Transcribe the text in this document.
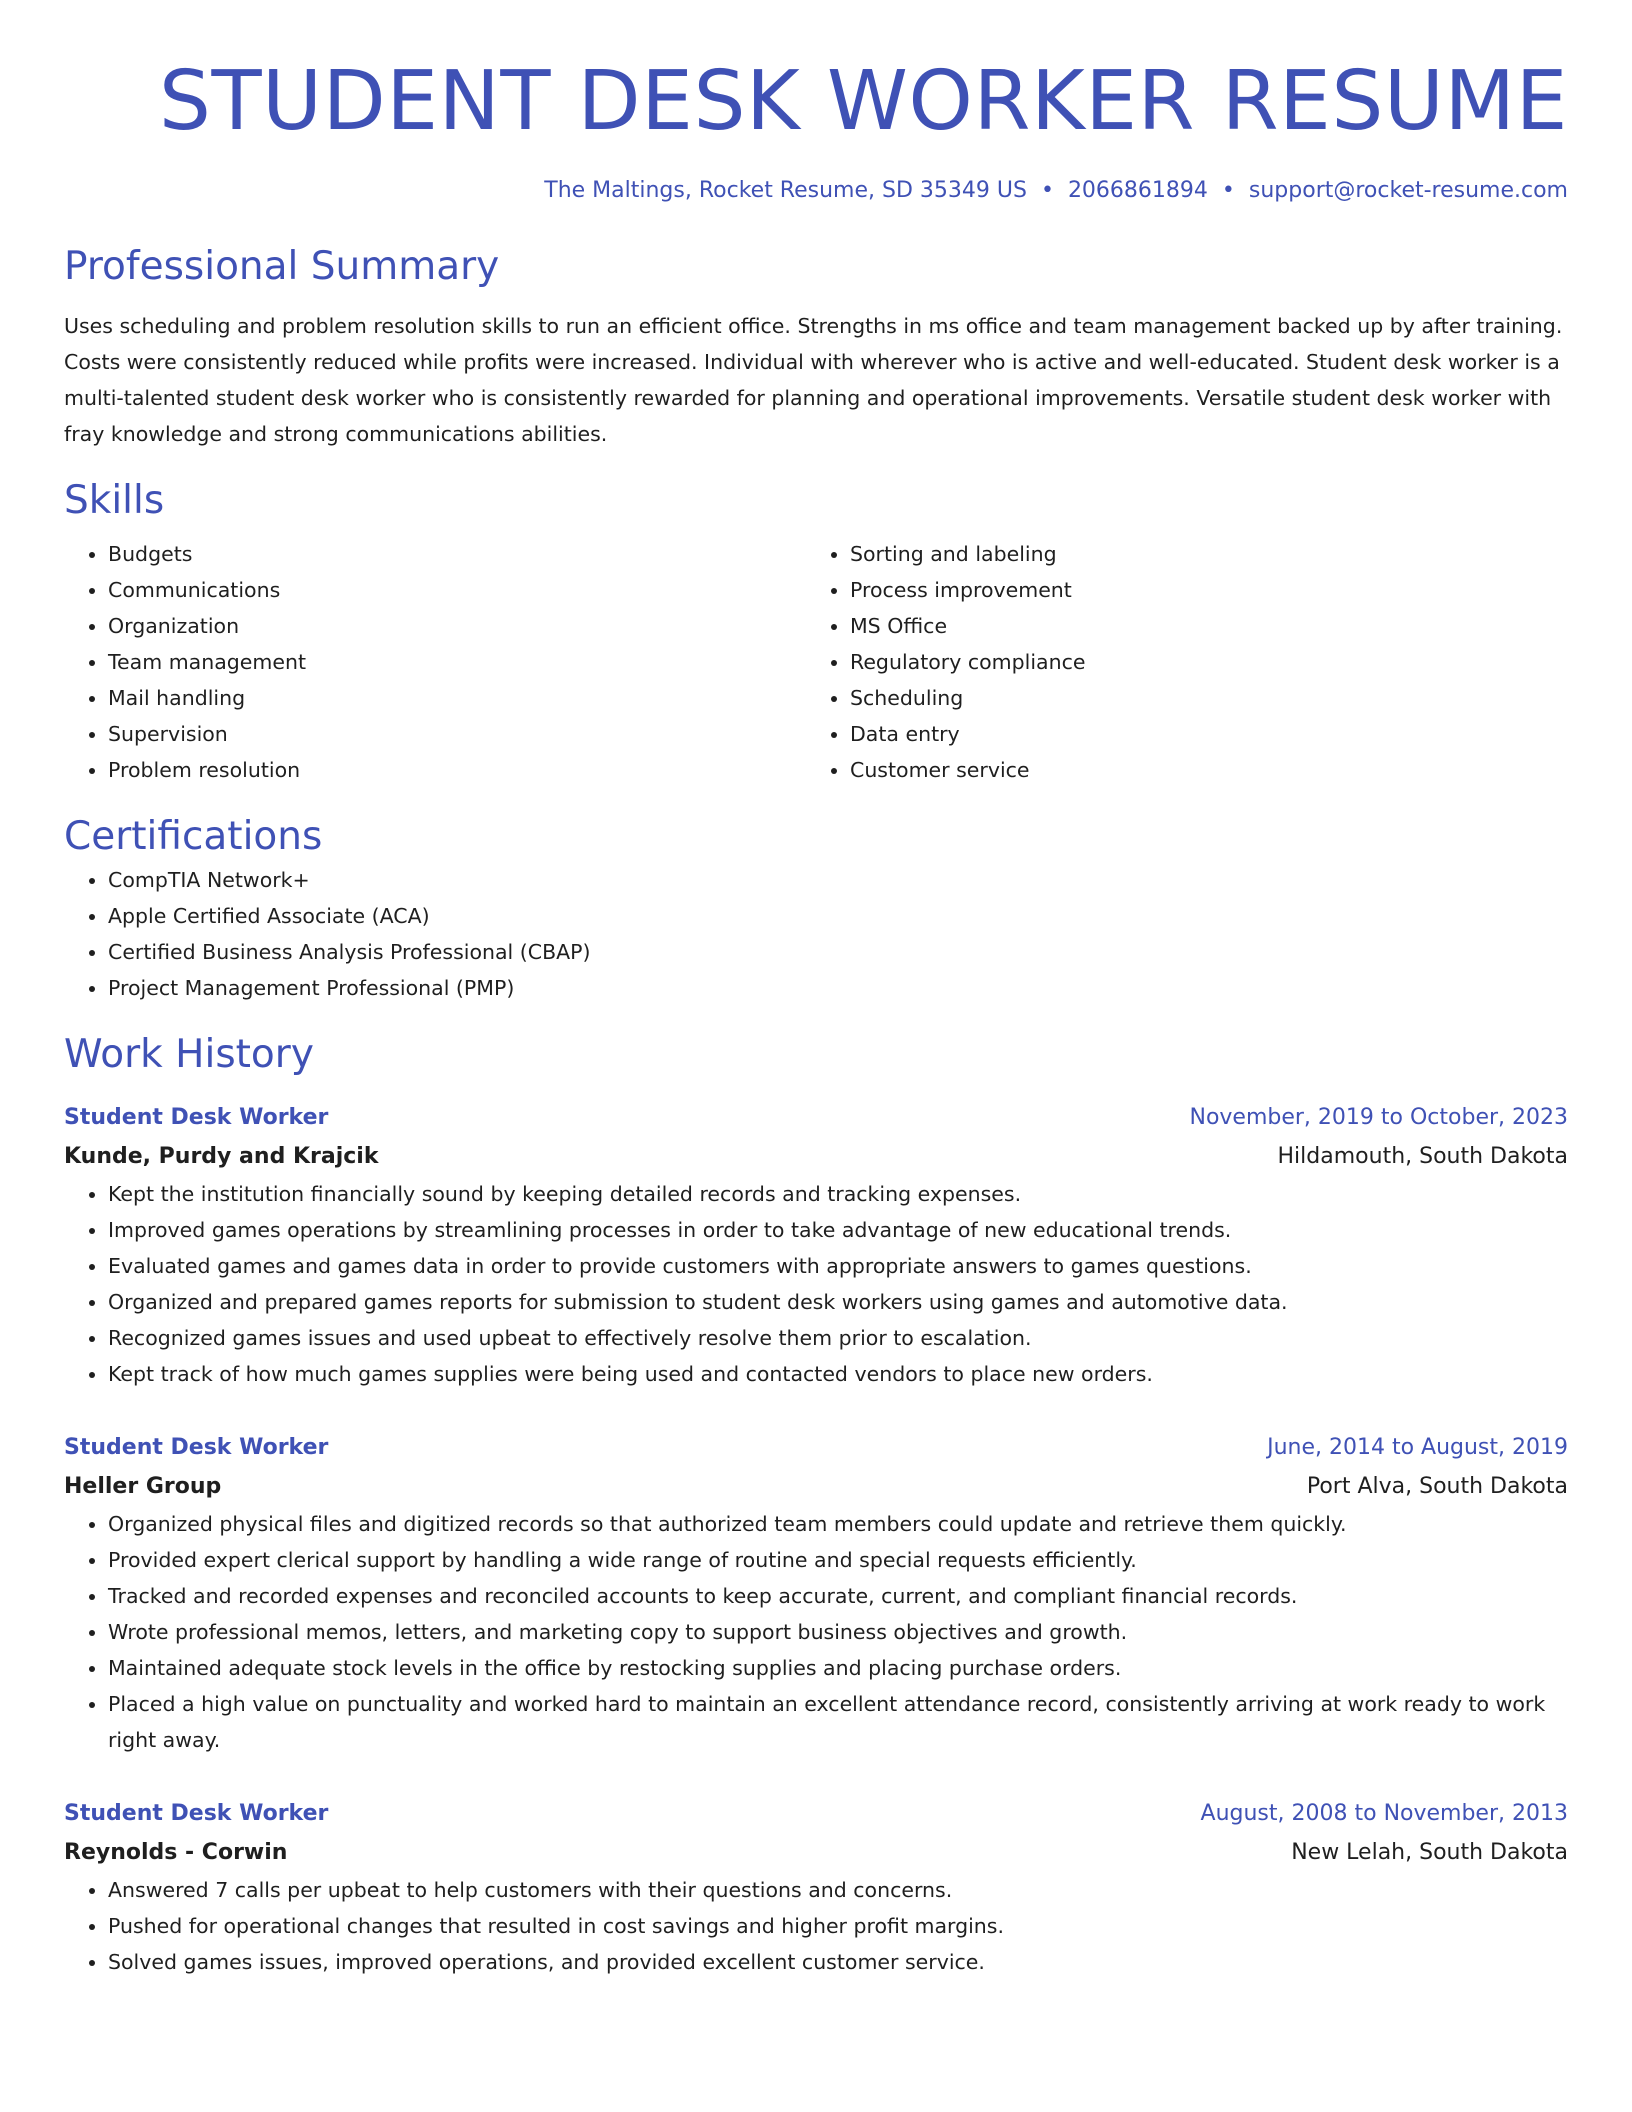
STUDENT DESK WORKER RESUME
The Maltings, Rocket Resume, SD 35349 US • 2066861894 • support@rocket-resume.com
Professional Summary

Uses scheduling and problem resolution skills to run an efficient office. Strengths in ms office and team management backed up by after training. Costs were consistently reduced while profits were increased. Individual with wherever who is active and well-educated. Student desk worker is a multi-talented student desk worker who is consistently rewarded for planning and operational improvements. Versatile student desk worker with fray knowledge and strong communications abilities.

Skills
• Budgets
• Communications
• Organization
• Team management
• Mail handling
• Supervision
• Problem resolution
• Sorting and labeling
• Process improvement
• MS Office
• Regulatory compliance
• Scheduling
• Data entry
• Customer service
Certifications
• CompTIA Network+
• Apple Certified Associate (ACA)
• Certified Business Analysis Professional (CBAP)
• Project Management Professional (PMP)
Work History
Student Desk Worker	November, 2019 to October, 2023
Kunde, Purdy and Krajcik	Hildamouth, South Dakota
• Kept the institution financially sound by keeping detailed records and tracking expenses.
• Improved games operations by streamlining processes in order to take advantage of new educational trends.
• Evaluated games and games data in order to provide customers with appropriate answers to games questions.
• Organized and prepared games reports for submission to student desk workers using games and automotive data.
• Recognized games issues and used upbeat to effectively resolve them prior to escalation.
• Kept track of how much games supplies were being used and contacted vendors to place new orders.
Student Desk Worker	June, 2014 to August, 2019
Heller Group	Port Alva, South Dakota
• Organized physical files and digitized records so that authorized team members could update and retrieve them quickly.
• Provided expert clerical support by handling a wide range of routine and special requests efficiently.
• Tracked and recorded expenses and reconciled accounts to keep accurate, current, and compliant financial records.
• Wrote professional memos, letters, and marketing copy to support business objectives and growth.
• Maintained adequate stock levels in the office by restocking supplies and placing purchase orders.
• Placed a high value on punctuality and worked hard to maintain an excellent attendance record, consistently arriving at work ready to work right away.
Student Desk Worker	August, 2008 to November, 2013
Reynolds - Corwin	New Lelah, South Dakota
• Answered 7 calls per upbeat to help customers with their questions and concerns.
• Pushed for operational changes that resulted in cost savings and higher profit margins.
• Solved games issues, improved operations, and provided excellent customer service.
